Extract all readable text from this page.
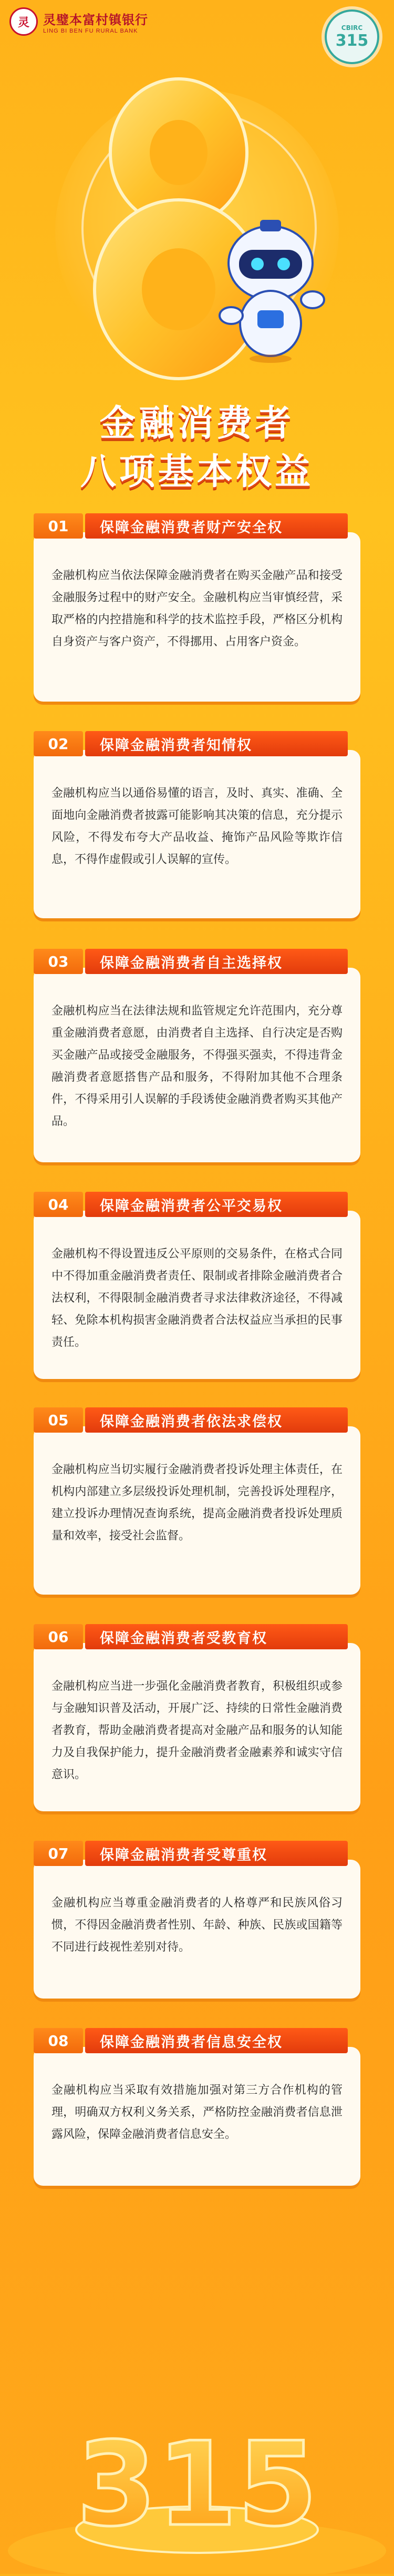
灵	灵璧本富村镇银行
LING BI BEN FU RURAL BANK	CBIRC
315
金融消费者
八项基本权益
01	保障金融消费者财产安全权
金融机构应当依法保障金融消费者在购买金融产品和接受金融服务过程中的财产安全。金融机构应当审慎经营，采取严格的内控措施和科学的技术监控手段，严格区分机构自身资产与客户资产，不得挪用、占用客户资金。
02	保障金融消费者知情权
金融机构应当以通俗易懂的语言，及时、真实、准确、全面地向金融消费者披露可能影响其决策的信息，充分提示风险，不得发布夸大产品收益、掩饰产品风险等欺诈信息，不得作虚假或引人误解的宣传。
03	保障金融消费者自主选择权
金融机构应当在法律法规和监管规定允许范围内，充分尊重金融消费者意愿，由消费者自主选择、自行决定是否购买金融产品或接受金融服务，不得强买强卖，不得违背金融消费者意愿搭售产品和服务，不得附加其他不合理条件，不得采用引人误解的手段诱使金融消费者购买其他产品。
04	保障金融消费者公平交易权
金融机构不得设置违反公平原则的交易条件，在格式合同中不得加重金融消费者责任、限制或者排除金融消费者合法权利，不得限制金融消费者寻求法律救济途径，不得减轻、免除本机构损害金融消费者合法权益应当承担的民事责任。
05	保障金融消费者依法求偿权
金融机构应当切实履行金融消费者投诉处理主体责任，在机构内部建立多层级投诉处理机制，完善投诉处理程序，建立投诉办理情况查询系统，提高金融消费者投诉处理质量和效率，接受社会监督。
06	保障金融消费者受教育权
金融机构应当进一步强化金融消费者教育，积极组织或参与金融知识普及活动，开展广泛、持续的日常性金融消费者教育，帮助金融消费者提高对金融产品和服务的认知能力及自我保护能力，提升金融消费者金融素养和诚实守信意识。
07	保障金融消费者受尊重权
金融机构应当尊重金融消费者的人格尊严和民族风俗习惯，不得因金融消费者性别、年龄、种族、民族或国籍等不同进行歧视性差别对待。
08	保障金融消费者信息安全权
金融机构应当采取有效措施加强对第三方合作机构的管理，明确双方权利义务关系，严格防控金融消费者信息泄露风险，保障金融消费者信息安全。
315
